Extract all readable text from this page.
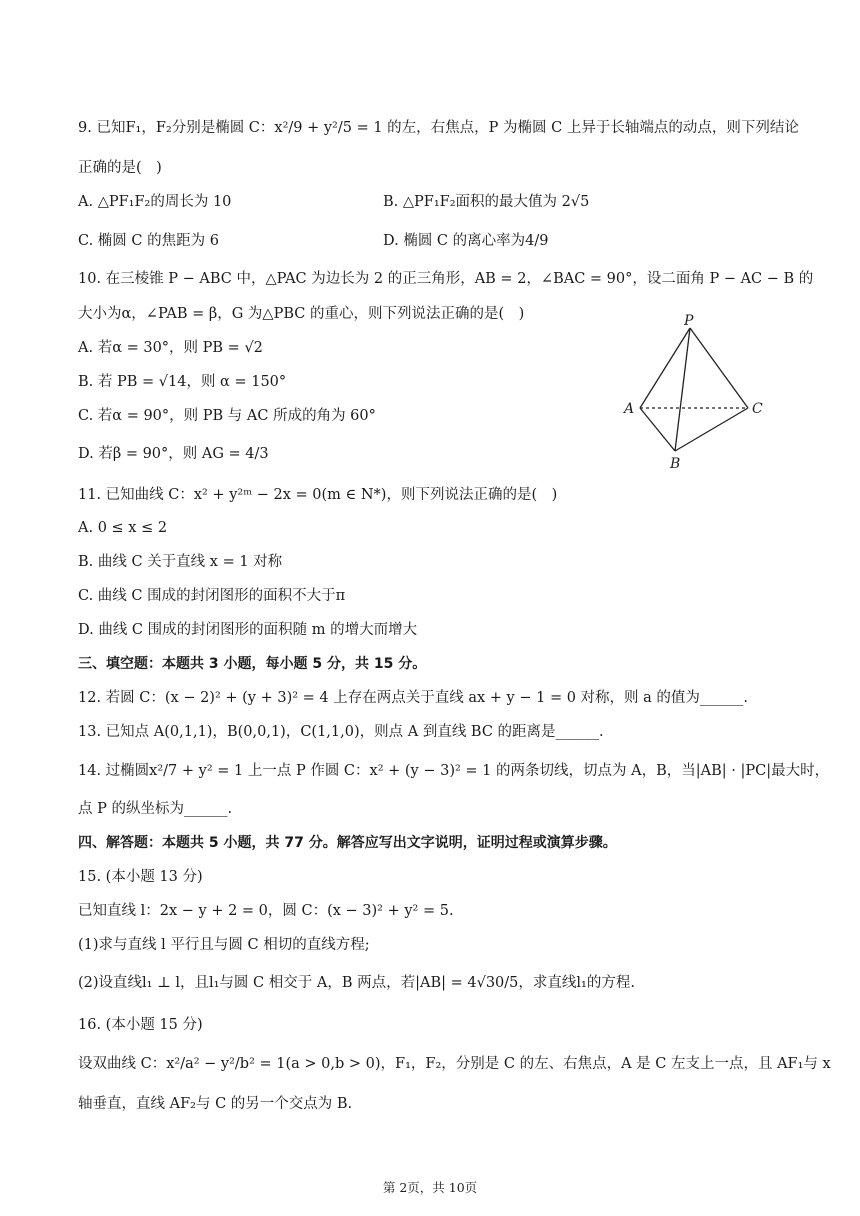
9. 已知F₁，F₂分别是椭圆 C：x²/9 + y²/5 = 1 的左，右焦点，P 为椭圆 C 上异于长轴端点的动点，则下列结论
正确的是(　)
A. △PF₁F₂的周长为 10	B. △PF₁F₂面积的最大值为 2√5
C. 椭圆 C 的焦距为 6	D. 椭圆 C 的离心率为4/9
10. 在三棱锥 P − ABC 中，△PAC 为边长为 2 的正三角形，AB = 2，∠BAC = 90°，设二面角 P − AC − B 的
大小为α，∠PAB = β，G 为△PBC 的重心，则下列说法正确的是(　)
A. 若α = 30°，则 PB = √2
B. 若 PB = √14，则 α = 150°
C. 若α = 90°，则 PB 与 AC 所成的角为 60°
D. 若β = 90°，则 AG = 4/3
11. 已知曲线 C：x² + y²ᵐ − 2x = 0(m ∈ N*)，则下列说法正确的是(　)
A. 0 ≤ x ≤ 2
B. 曲线 C 关于直线 x = 1 对称
C. 曲线 C 围成的封闭图形的面积不大于π
D. 曲线 C 围成的封闭图形的面积随 m 的增大而增大
三、填空题：本题共 3 小题，每小题 5 分，共 15 分。
12. 若圆 C：(x − 2)² + (y + 3)² = 4 上存在两点关于直线 ax + y − 1 = 0 对称，则 a 的值为______.
13. 已知点 A(0,1,1)，B(0,0,1)，C(1,1,0)，则点 A 到直线 BC 的距离是______.
14. 过椭圆x²/7 + y² = 1 上一点 P 作圆 C：x² + (y − 3)² = 1 的两条切线，切点为 A，B，当|AB| · |PC|最大时，
点 P 的纵坐标为______.
四、解答题：本题共 5 小题，共 77 分。解答应写出文字说明，证明过程或演算步骤。
15. (本小题 13 分)
已知直线 l：2x − y + 2 = 0，圆 C：(x − 3)² + y² = 5.
(1)求与直线 l 平行且与圆 C 相切的直线方程;
(2)设直线l₁ ⊥ l，且l₁与圆 C 相交于 A，B 两点，若|AB| = 4√30/5，求直线l₁的方程.
16. (本小题 15 分)
设双曲线 C：x²/a² − y²/b² = 1(a > 0,b > 0)，F₁，F₂，分别是 C 的左、右焦点，A 是 C 左支上一点，且 AF₁与 x
轴垂直，直线 AF₂与 C 的另一个交点为 B.
P
A	C
B
第 2页，共 10页
